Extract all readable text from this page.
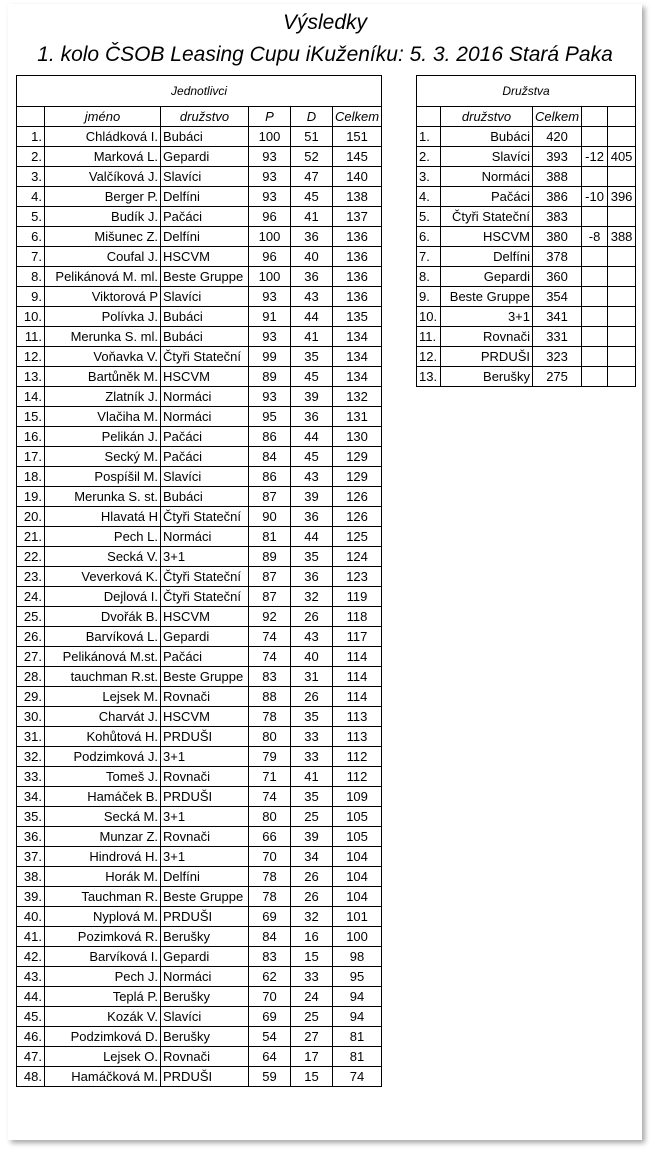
Výsledky
1. kolo ČSOB Leasing Cupu iKuženíku: 5. 3. 2016 Stará Paka
Jednotlivci					
	jméno	družstvo	P	D	Celkem
1.	Chládková I.	Bubáci	100	51	151
2.	Marková L.	Gepardi	93	52	145
3.	Valčíková J.	Slavíci	93	47	140
4.	Berger P.	Delfíni	93	45	138
5.	Budík J.	Pačáci	96	41	137
6.	Mišunec Z.	Delfíni	100	36	136
7.	Coufal J.	HSCVM	96	40	136
8.	Pelikánová M. ml.	Beste Gruppe	100	36	136
9.	Viktorová P	Slavíci	93	43	136
10.	Polívka J.	Bubáci	91	44	135
11.	Merunka S. ml.	Bubáci	93	41	134
12.	Voňavka V.	Čtyři Stateční	99	35	134
13.	Bartůněk M.	HSCVM	89	45	134
14.	Zlatník J.	Normáci	93	39	132
15.	Vlačiha M.	Normáci	95	36	131
16.	Pelikán J.	Pačáci	86	44	130
17.	Secký M.	Pačáci	84	45	129
18.	Pospíšil M.	Slavíci	86	43	129
19.	Merunka S. st.	Bubáci	87	39	126
20.	Hlavatá H	Čtyři Stateční	90	36	126
21.	Pech L.	Normáci	81	44	125
22.	Secká V.	3+1	89	35	124
23.	Veverková K.	Čtyři Stateční	87	36	123
24.	Dejlová I.	Čtyři Stateční	87	32	119
25.	Dvořák B.	HSCVM	92	26	118
26.	Barvíková L.	Gepardi	74	43	117
27.	Pelikánová M.st.	Pačáci	74	40	114
28.	tauchman R.st.	Beste Gruppe	83	31	114
29.	Lejsek M.	Rovnači	88	26	114
30.	Charvát J.	HSCVM	78	35	113
31.	Kohůtová H.	PRDUŠI	80	33	113
32.	Podzimková J.	3+1	79	33	112
33.	Tomeš J.	Rovnači	71	41	112
34.	Hamáček B.	PRDUŠI	74	35	109
35.	Secká M.	3+1	80	25	105
36.	Munzar Z.	Rovnači	66	39	105
37.	Hindrová H.	3+1	70	34	104
38.	Horák M.	Delfíni	78	26	104
39.	Tauchman R.	Beste Gruppe	78	26	104
40.	Nyplová M.	PRDUŠI	69	32	101
41.	Pozimková R.	Berušky	84	16	100
42.	Barvíková I.	Gepardi	83	15	98
43.	Pech J.	Normáci	62	33	95
44.	Teplá P.	Berušky	70	24	94
45.	Kozák V.	Slavíci	69	25	94
46.	Podzimková D.	Berušky	54	27	81
47.	Lejsek O.	Rovnači	64	17	81
48.	Hamáčková M.	PRDUŠI	59	15	74
Družstva				
	družstvo	Celkem		
1.	Bubáci	420		
2.	Slavíci	393	-12	405
3.	Normáci	388		
4.	Pačáci	386	-10	396
5.	Čtyři Stateční	383		
6.	HSCVM	380	-8	388
7.	Delfíni	378		
8.	Gepardi	360		
9.	Beste Gruppe	354		
10.	3+1	341		
11.	Rovnači	331		
12.	PRDUŠI	323		
13.	Berušky	275		
